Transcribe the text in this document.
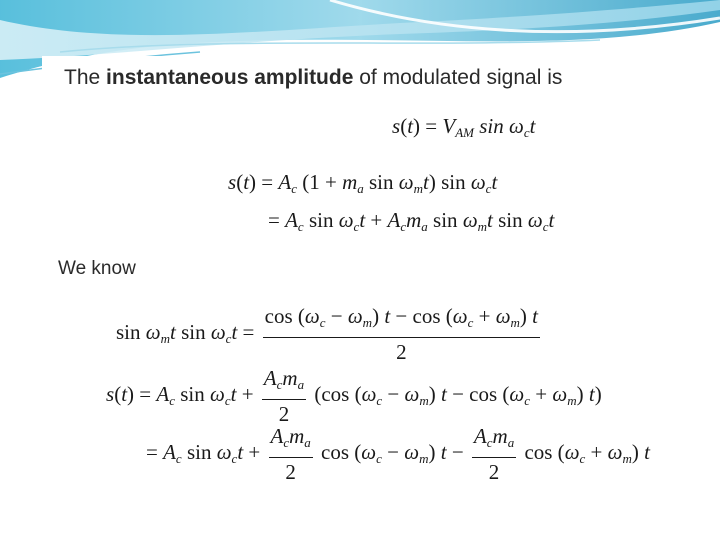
The instantaneous amplitude of modulated signal is
$s(t) = V_{AM}$ $\sin \omega_ct$
$s(t) = A_c$ ($1 + m_a$ $\sin \omega_mt$) $\sin \omega_ct$
= $A_c$ $\sin \omega_ct + A_cm_a$ $\sin \omega_mt$ $\sin \omega_ct$
We know
$\sin \omega_mt$ $\sin \omega_ct = \frac{\cos (\omega_c - \omega_m) t - \cos (\omega_c + \omega_m) t}{2}$
$s(t) = A_c$ $\sin \omega_ct + \frac{A_cm_a}{2} (\cos$ $(\omega_c - \omega_m) t - \cos (\omega_c + \omega_m)$ t)
= $A_c$ $\sin \omega_ct + \frac{A_cm_a}{2}$ $\cos (\omega_c - \omega_m) t - \frac{A_cm_a}{2}$ $\cos (\omega_c + \omega_m)$ t
